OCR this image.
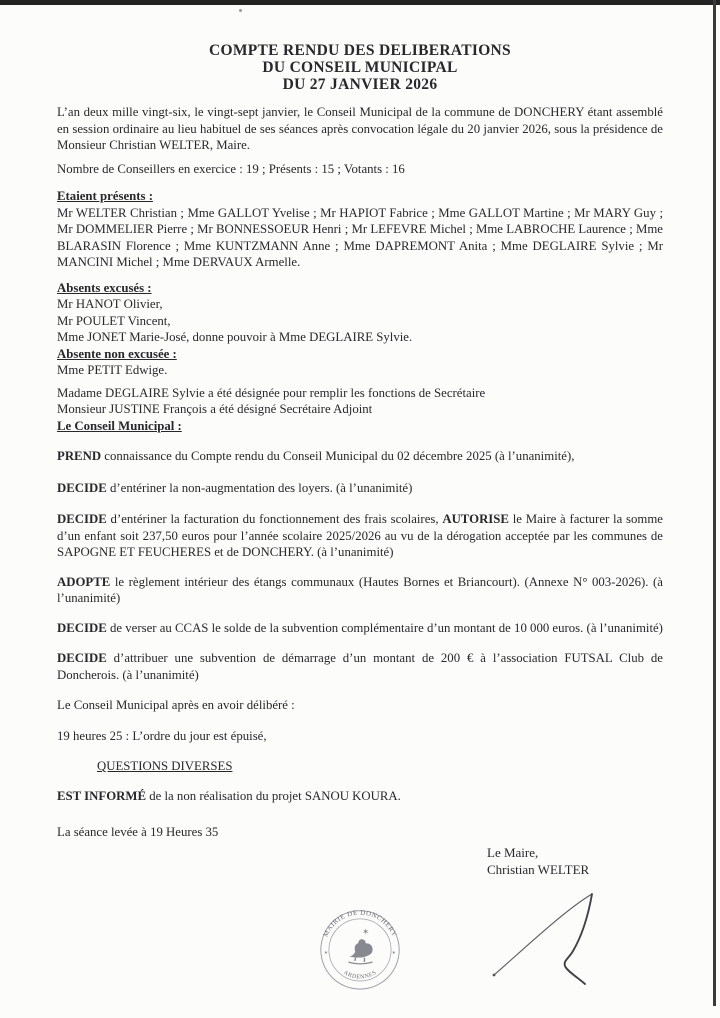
COMPTE RENDU DES DELIBERATIONS
DU CONSEIL MUNICIPAL
DU 27 JANVIER 2026

L’an deux mille vingt-six, le vingt-sept janvier, le Conseil Municipal de la commune de DONCHERY étant assemblé en session ordinaire au lieu habituel de ses séances après convocation légale du 20 janvier 2026, sous la présidence de Monsieur Christian WELTER, Maire.

Nombre de Conseillers en exercice : 19 ; Présents : 15 ; Votants : 16

Etaient présents :

Mr WELTER Christian ; Mme GALLOT Yvelise ; Mr HAPIOT Fabrice ; Mme GALLOT Martine ; Mr MARY Guy ; Mr DOMMELIER Pierre ; Mr BONNESSOEUR Henri ; Mr LEFEVRE Michel ; Mme LABROCHE Laurence ; Mme BLARASIN Florence ; Mme KUNTZMANN Anne ; Mme DAPREMONT Anita ; Mme DEGLAIRE Sylvie ; Mr MANCINI Michel ; Mme DERVAUX Armelle.

Absents excusés :

Mr HANOT Olivier,

Mr POULET Vincent,

Mme JONET Marie-José, donne pouvoir à Mme DEGLAIRE Sylvie.

Absente non excusée :

Mme PETIT Edwige.

Madame DEGLAIRE Sylvie a été désignée pour remplir les fonctions de Secrétaire

Monsieur JUSTINE François a été désigné Secrétaire Adjoint

Le Conseil Municipal :

PREND connaissance du Compte rendu du Conseil Municipal du 02 décembre 2025 (à l’unanimité),

DECIDE d’entériner la non-augmentation des loyers. (à l’unanimité)

DECIDE d’entériner la facturation du fonctionnement des frais scolaires, AUTORISE le Maire à facturer la somme d’un enfant soit 237,50 euros pour l’année scolaire 2025/2026 au vu de la dérogation acceptée par les communes de SAPOGNE ET FEUCHERES et de DONCHERY. (à l’unanimité)

ADOPTE le règlement intérieur des étangs communaux (Hautes Bornes et Briancourt). (Annexe N° 003-2026). (à l’unanimité)

DECIDE de verser au CCAS le solde de la subvention complémentaire d’un montant de 10 000 euros. (à l’unanimité)

DECIDE d’attribuer une subvention de démarrage d’un montant de 200 € à l’association FUTSAL Club de Doncherois. (à l’unanimité)

Le Conseil Municipal après en avoir délibéré :

19 heures 25 : L’ordre du jour est épuisé,

QUESTIONS DIVERSES

EST INFORMÉ de la non réalisation du projet SANOU KOURA.

La séance levée à 19 Heures 35

Le Maire,
Christian WELTER
MAIRIE DE DONCHERY
ARDENNES
✶
✶	✶
